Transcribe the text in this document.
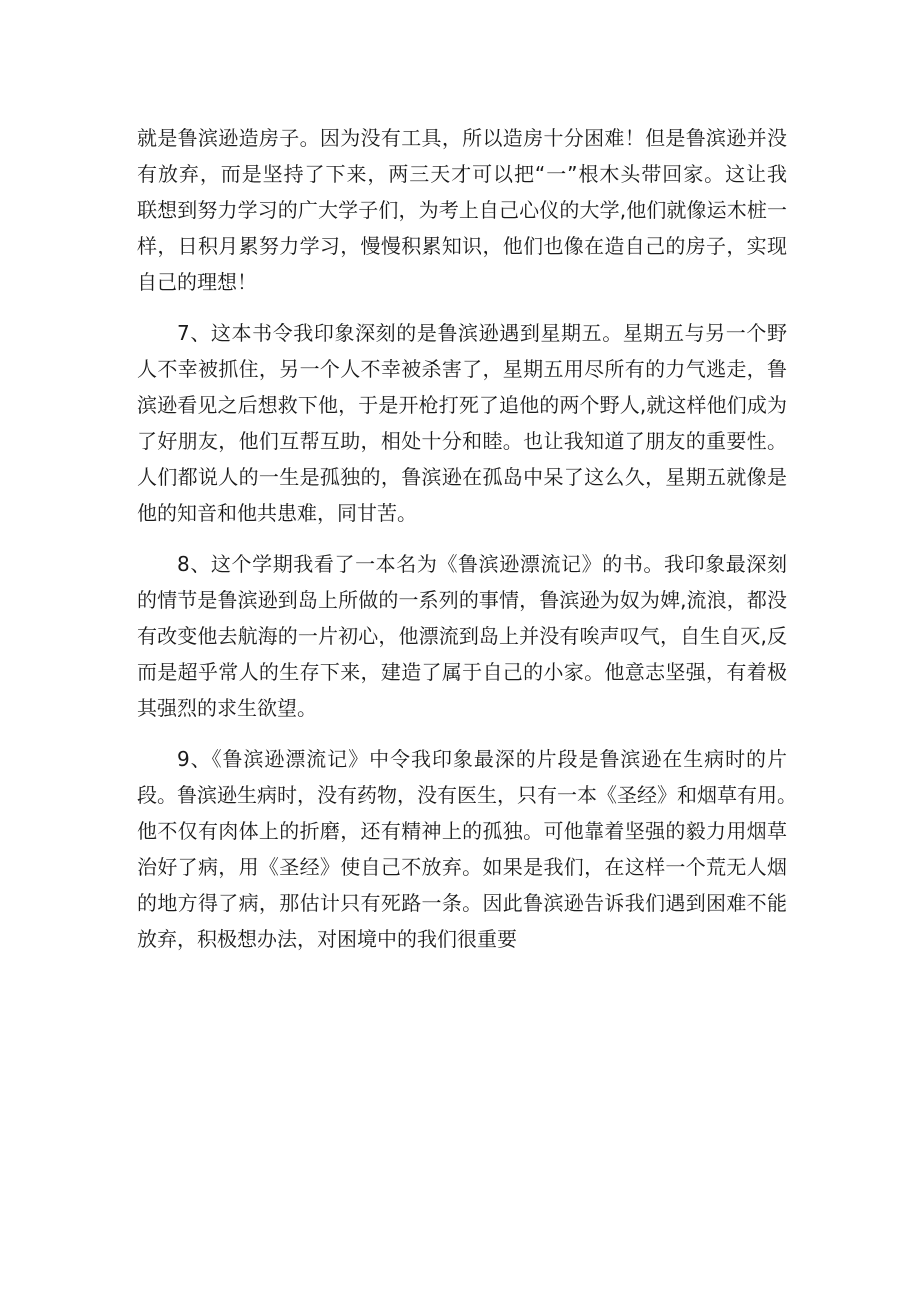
就是鲁滨逊造房子。因为没有工具，所以造房十分困难！但是鲁滨逊并没
有放弃，而是坚持了下来，两三天才可以把“一”根木头带回家。这让我
联想到努力学习的广大学子们，为考上自己心仪的大学,他们就像运木桩一
样，日积月累努力学习，慢慢积累知识，他们也像在造自己的房子，实现
自己的理想！
7、这本书令我印象深刻的是鲁滨逊遇到星期五。星期五与另一个野
人不幸被抓住，另一个人不幸被杀害了，星期五用尽所有的力气逃走，鲁
滨逊看见之后想救下他，于是开枪打死了追他的两个野人,就这样他们成为
了好朋友，他们互帮互助，相处十分和睦。也让我知道了朋友的重要性。
人们都说人的一生是孤独的，鲁滨逊在孤岛中呆了这么久，星期五就像是
他的知音和他共患难，同甘苦。
8、这个学期我看了一本名为《鲁滨逊漂流记》的书。我印象最深刻
的情节是鲁滨逊到岛上所做的一系列的事情，鲁滨逊为奴为婢,流浪，都没
有改变他去航海的一片初心，他漂流到岛上并没有唉声叹气，自生自灭,反
而是超乎常人的生存下来，建造了属于自己的小家。他意志坚强，有着极
其强烈的求生欲望。
9、《鲁滨逊漂流记》中令我印象最深的片段是鲁滨逊在生病时的片
段。鲁滨逊生病时，没有药物，没有医生，只有一本《圣经》和烟草有用。
他不仅有肉体上的折磨，还有精神上的孤独。可他靠着坚强的毅力用烟草
治好了病，用《圣经》使自己不放弃。如果是我们，在这样一个荒无人烟
的地方得了病，那估计只有死路一条。因此鲁滨逊告诉我们遇到困难不能
放弃，积极想办法，对困境中的我们很重要
